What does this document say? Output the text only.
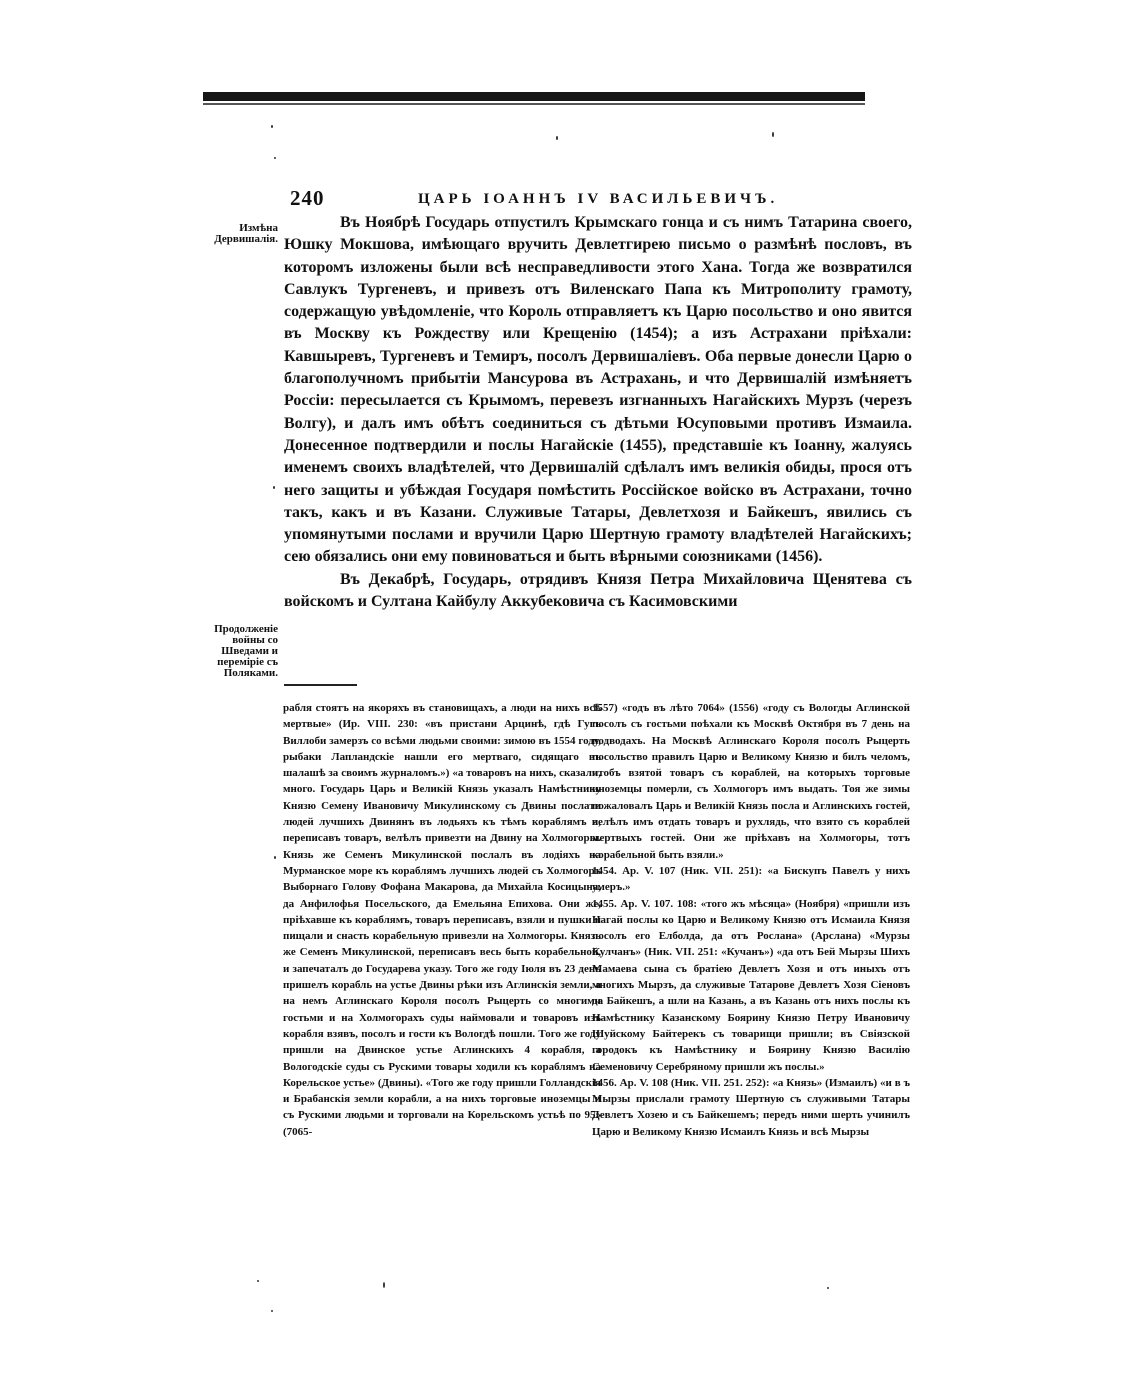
240	ЦАРЬ ІОАННЪ IV ВАСИЛЬЕВИЧЪ.
Измѣна Дервишалія.
Продолженіе войны со Шведами и переміріе съ Поляками.

Въ Ноябрѣ Государь отпустилъ Крымскаго гонца и съ нимъ Татарина своего, Юшку Мокшова, имѣющаго вручить Девлетгирею письмо о размѣнѣ пословъ, въ которомъ изложены были всѣ несправедливости этого Хана. Тогда же возвратился Савлукъ Тургеневъ, и привезъ отъ Виленскаго Папа къ Митрополиту грамоту, содержащую увѣдомленіе, что Король отправляетъ къ Царю посольство и оно явится въ Москву къ Рождеству или Крещенію (1454); а изъ Астрахани пріѣхали: Кавшыревъ, Тургеневъ и Темиръ, посолъ Дервишаліевъ. Оба первые донесли Царю о благополучномъ прибытіи Мансурова въ Астрахань, и что Дервишалій измѣняетъ Россіи: пересылается съ Крымомъ, перевезъ изгнанныхъ Нагайскихъ Мурзъ (черезъ Волгу), и далъ имъ обѣтъ соединиться съ дѣтьми Юсуповыми противъ Измаила. Донесенное подтвердили и послы Нагайскіе (1455), представшіе къ Іоанну, жалуясь именемъ своихъ владѣтелей, что Дервишалій сдѣлалъ имъ великія обиды, прося отъ него защиты и убѣждая Государя помѣстить Россійское войско въ Астрахани, точно такъ, какъ и въ Казани. Служивые Татары, Девлетхозя и Байкешъ, явились съ упомянутыми послами и вручили Царю Шертную грамоту владѣтелей Нагайскихъ; сею обязались они ему повиноваться и быть вѣрными союзниками (1456).

Въ Декабрѣ, Государь, отрядивъ Князя Петра Михайловича Щенятева съ войскомъ и Султана Кайбулу Аккубековича съ Касимовскими

рабля стоятъ на якоряхъ въ становищахъ, а люди на нихъ всѣ мертвые» (Ир. VIII. 230: «въ пристани Арцинѣ, гдѣ Гугъ Виллоби замерзъ со всѣми людьми своими: зимою въ 1554 году, рыбаки Лапландскіе нашли его мертваго, сидящаго въ шалашѣ за своимъ журналомъ.») «а товаровъ на нихъ, сказали, много. Государь Царь и Великій Князь указалъ Намѣстнику Князю Семену Ивановичу Микулинскому съ Двины послати людей лучшихъ Двинянъ въ лодьяхъ къ тѣмъ кораблямъ и, переписавъ товаръ, велѣлъ привезти на Двину на Холмогоры. Князь же Семенъ Микулинской послалъ въ лодіяхъ на Мурманское море къ кораблямъ лучшихъ людей съ Холмогоръ Выборнаго Голову Фофана Макарова, да Михайла Косицына, да Анфилофья Посельского, да Емельяна Епихова. Они же, пріѣхавше къ кораблямъ, товаръ переписавъ, взяли и пушки и пищали и снасть корабельную привезли на Холмогоры. Князь же Семенъ Микулинской, переписавъ весь быть корабельной, и запечаталъ до Государева указу. Того же году Іюля въ 23 день пришелъ корабль на устье Двины рѣки изъ Аглинскія земли, а на немъ Аглинскаго Короля посолъ Рыцерть со многими гостьми и на Холмогорахъ суды наймовали и товаровъ изъ корабля взявъ, посолъ и гости къ Вологдѣ пошли. Того же году пришли на Двинское устье Аглинскихъ 4 корабля, а Вологодскіе суды съ Рускими товары ходили къ кораблямъ на Корельское устье» (Двины). «Того же году пришли Голландскія и Брабанскія земли корабли, а на нихъ торговые иноземцы и съ Рускими людьми и торговали на Корельскомъ устьѣ по 95» (7065-

1557) «годъ въ лѣто 7064» (1556) «году съ Вологды Аглинской посолъ съ гостьми поѣхали къ Москвѣ Октября въ 7 день на подводахъ. На Москвѣ Аглинскаго Короля посолъ Рыцерть посольство правилъ Царю и Великому Князю и билъ челомъ, чтобъ взятой товаръ съ кораблей, на которыхъ торговые иноземцы померли, съ Холмогоръ имъ выдать. Тоя же зимы пожаловалъ Царь и Великій Князь посла и Аглинскихъ гостей, велѣлъ имъ отдать товаръ и рухлядь, что взято съ кораблей мертвыхъ гостей. Они же пріѣхавъ на Холмогоры, тотъ корабельной быть взяли.»

1454. Ар. V. 107 (Ник. VII. 251): «а Бискупъ Павелъ у нихъ умеръ.»

1455. Ар. V. 107. 108: «того жъ мѣсяца» (Ноября) «пришли изъ Нагай послы ко Царю и Великому Князю отъ Исмаила Князя посолъ его Елболда, да отъ Рослана» (Арслана) «Мурзы Кулчанъ» (Ник. VII. 251: «Кучанъ») «да отъ Бей Мырзы Шихъ Мамаева сына съ братіею Девлетъ Хозя и отъ иныхъ отъ многихъ Мырзъ, да служивые Татарове Девлетъ Хозя Сіеновъ да Байкешъ, а шли на Казань, а въ Казань отъ нихъ послы къ Намѣстнику Казанскому Боярину Князю Петру Ивановичу Шуйскому Байтерекъ съ товарищи пришли; въ Свіязской городокъ къ Намѣстнику и Боярину Князю Василію Семеновичу Серебряному пришли жъ послы.»

1456. Ар. V. 108 (Ник. VII. 251. 252): «а Князь» (Измаилъ) «и в ъ Мырзы прислали грамоту Шертную съ служивыми Татары Девлетъ Хозею и съ Байкешемъ; передъ ними шерть учинилъ Царю и Великому Князю Исмаилъ Князь и всѣ Мырзы
